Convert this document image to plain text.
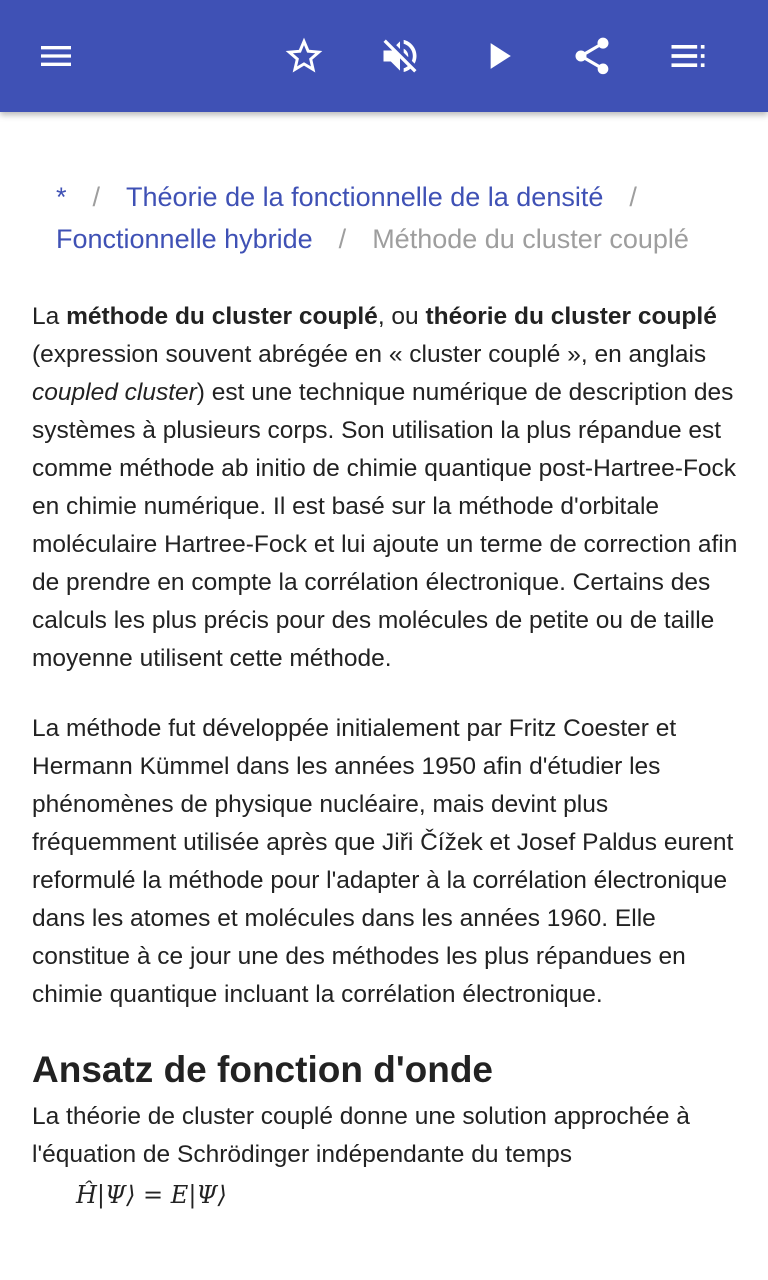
* / Théorie de la fonctionnelle de la densité /
Fonctionnelle hybride / Méthode du cluster couplé

La méthode du cluster couplé, ou théorie du cluster couplé (expression souvent abrégée en « cluster couplé », en anglais coupled cluster) est une technique numérique de description des systèmes à plusieurs corps. Son utilisation la plus répandue est comme méthode ab initio de chimie quantique post-Hartree-Fock en chimie numérique. Il est basé sur la méthode d'orbitale moléculaire Hartree-Fock et lui ajoute un terme de correction afin de prendre en compte la corrélation électronique. Certains des calculs les plus précis pour des molécules de petite ou de taille moyenne utilisent cette méthode.

La méthode fut développée initialement par Fritz Coester et Hermann Kümmel dans les années 1950 afin d'étudier les phénomènes de physique nucléaire, mais devint plus fréquemment utilisée après que Jiři Čížek et Josef Paldus eurent reformulé la méthode pour l'adapter à la corrélation électronique dans les atomes et molécules dans les années 1960. Elle constitue à ce jour une des méthodes les plus répandues en chimie quantique incluant la corrélation électronique.

Ansatz de fonction d'onde

La théorie de cluster couplé donne une solution approchée à l'équation de Schrödinger indépendante du temps

Ĥ|Ψ⟩ = E|Ψ⟩
